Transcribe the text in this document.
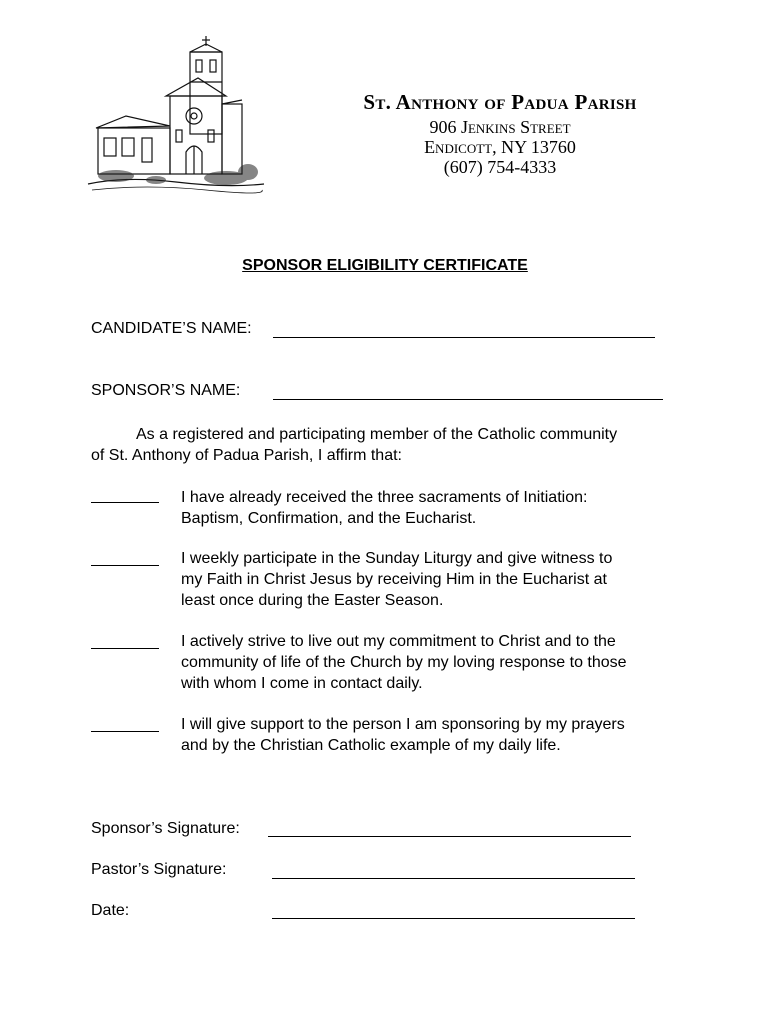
St. Anthony of Padua Parish
906 Jenkins Street
Endicott, NY 13760
(607) 754-4333
SPONSOR ELIGIBILITY CERTIFICATE
CANDIDATE’S NAME:
SPONSOR’S NAME:
As a registered and participating member of the Catholic community
of St. Anthony of Padua Parish, I affirm that:
I have already received the three sacraments of Initiation:
Baptism, Confirmation, and the Eucharist.
I weekly participate in the Sunday Liturgy and give witness to
my Faith in Christ Jesus by receiving Him in the Eucharist at
least once during the Easter Season.
I actively strive to live out my commitment to Christ and to the
community of life of the Church by my loving response to those
with whom I come in contact daily.
I will give support to the person I am sponsoring by my prayers
and by the Christian Catholic example of my daily life.
Sponsor’s Signature:
Pastor’s Signature:
Date:
